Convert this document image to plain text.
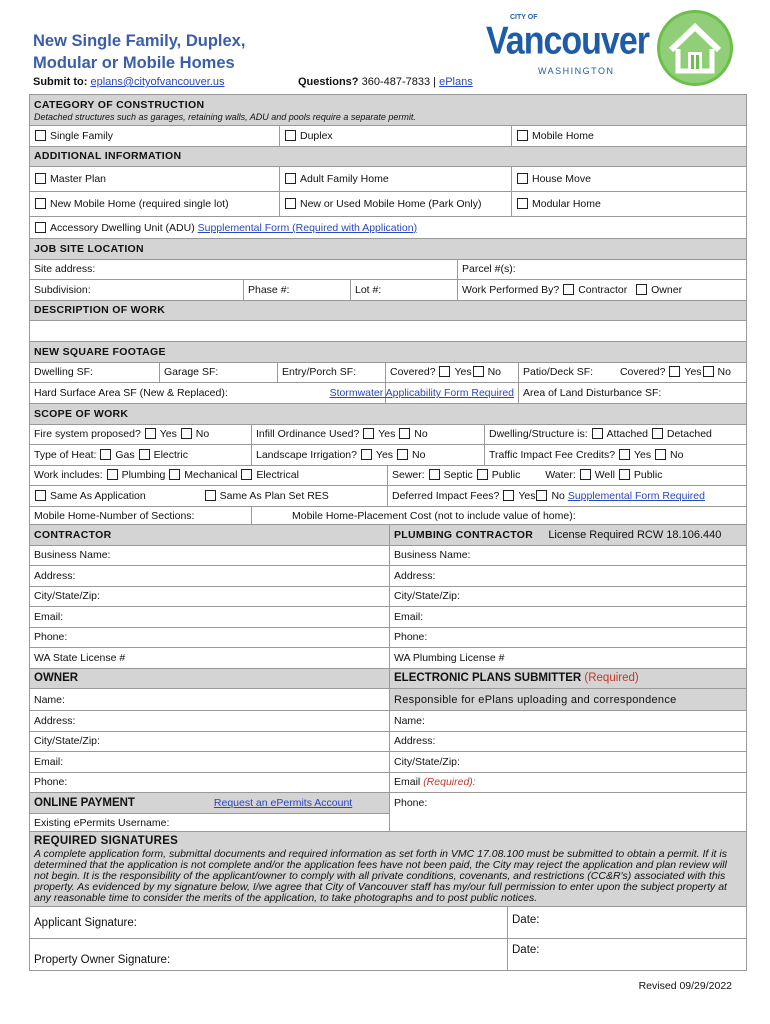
New Single Family, Duplex,
Modular or Mobile Homes
CITY OF
Vancouver
WASHINGTON
Submit to: eplans@cityofvancouver.us	Questions? 360-487-7833 | ePlans
CATEGORY OF CONSTRUCTION
Detached structures such as garages, retaining walls, ADU and pools require a separate permit.		

Single Family	Duplex	Mobile Home
ADDITIONAL INFORMATION		
Master Plan	Adult Family Home	House Move
New Mobile Home (required single lot)	New or Used Mobile Home (Park Only)	Modular Home
Accessory Dwelling Unit (ADU) Supplemental Form (Required with Application)		
JOB SITE LOCATION			
Site address:			Parcel #(s):
Subdivision:	Phase #:	Lot #:	Work Performed By? Contractor Owner
DESCRIPTION OF WORK			

NEW SQUARE FOOTAGE				
Dwelling SF:	Garage SF:	Entry/Porch SF:	Covered? Yes No	Patio/Deck SF: Covered? Yes No
Hard Surface Area SF (New & Replaced):			Stormwater Applicability Form Required	Area of Land Disturbance SF:
SCOPE OF WORK			
Fire system proposed? Yes No	Infill Ordinance Used? Yes No		Dwelling/Structure is: Attached Detached
Type of Heat: Gas Electric	Landscape Irrigation? Yes No		Traffic Impact Fee Credits? Yes No
Work includes: Plumbing Mechanical Electrical		Sewer: Septic Public Water: Well Public	
Same As Application Same As Plan Set RES		Deferred Impact Fees? Yes No Supplemental Form Required	
Mobile Home-Number of Sections:	Mobile Home-Placement Cost (not to include value of home):		
CONTRACTOR	PLUMBING CONTRACTOR License Required RCW 18.106.440
Business Name:	Business Name:
Address:	Address:
City/State/Zip:	City/State/Zip:
Email:	Email:
Phone:	Phone:
WA State License #	WA Plumbing License #
OWNER	ELECTRONIC PLANS SUBMITTER (Required)
Name:	Responsible for ePlans uploading and correspondence
Address:	Name:
City/State/Zip:	Address:
Email:	City/State/Zip:
Phone:	Email (Required):
ONLINE PAYMENT Request an ePermits Account	Phone:
Existing ePermits Username:	
REQUIRED SIGNATURES
A complete application form, submittal documents and required information as set forth in VMC 17.08.100 must be submitted to obtain a permit. If it is determined that the application is not complete and/or the application fees have not been paid, the City may reject the application and plan review will not begin. It is the responsibility of the applicant/owner to comply with all private conditions, covenants, and restrictions (CC&R's) associated with this property. As evidenced by my signature below, I/we agree that City of Vancouver staff has my/our full permission to enter upon the subject property at any reasonable time to consider the merits of the application, to take photographs and to post public notices.	

Applicant Signature:	Date:
Property Owner Signature:	Date:
Revised 09/29/2022
